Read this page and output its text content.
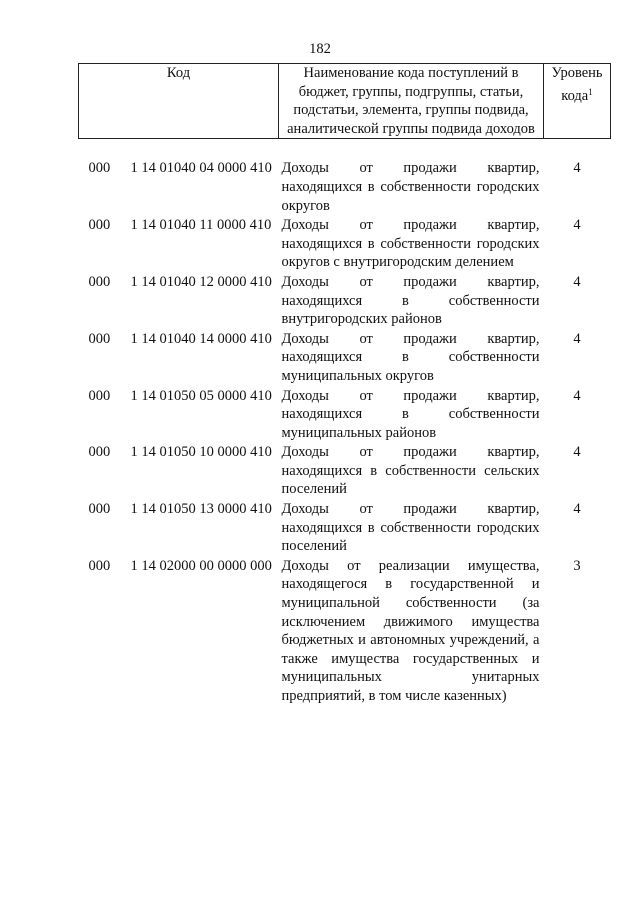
182
Код	Наименование кода поступлений в бюджет, группы, подгруппы, статьи, подстатьи, элемента, группы подвида, аналитической группы подвида доходов	Уровень кода$^1$

000 1 14 01040 04 0000 410	Доходы от продажи квартир, находящихся в собственности городских округов	4
000 1 14 01040 11 0000 410	Доходы от продажи квартир, находящихся в собственности городских округов с внутригородским делением	4
000 1 14 01040 12 0000 410	Доходы от продажи квартир, находящихся в собственности внутригородских районов	4
000 1 14 01040 14 0000 410	Доходы от продажи квартир, находящихся в собственности муниципальных округов	4
000 1 14 01050 05 0000 410	Доходы от продажи квартир, находящихся в собственности муниципальных районов	4
000 1 14 01050 10 0000 410	Доходы от продажи квартир, находящихся в собственности сельских поселений	4
000 1 14 01050 13 0000 410	Доходы от продажи квартир, находящихся в собственности городских поселений	4
000 1 14 02000 00 0000 000	Доходы от реализации имущества, находящегося в государственной и муниципальной собственности (за исключением движимого имущества бюджетных и автономных учреждений, а также имущества государственных и муниципальных унитарных предприятий, в том числе казенных)	3
